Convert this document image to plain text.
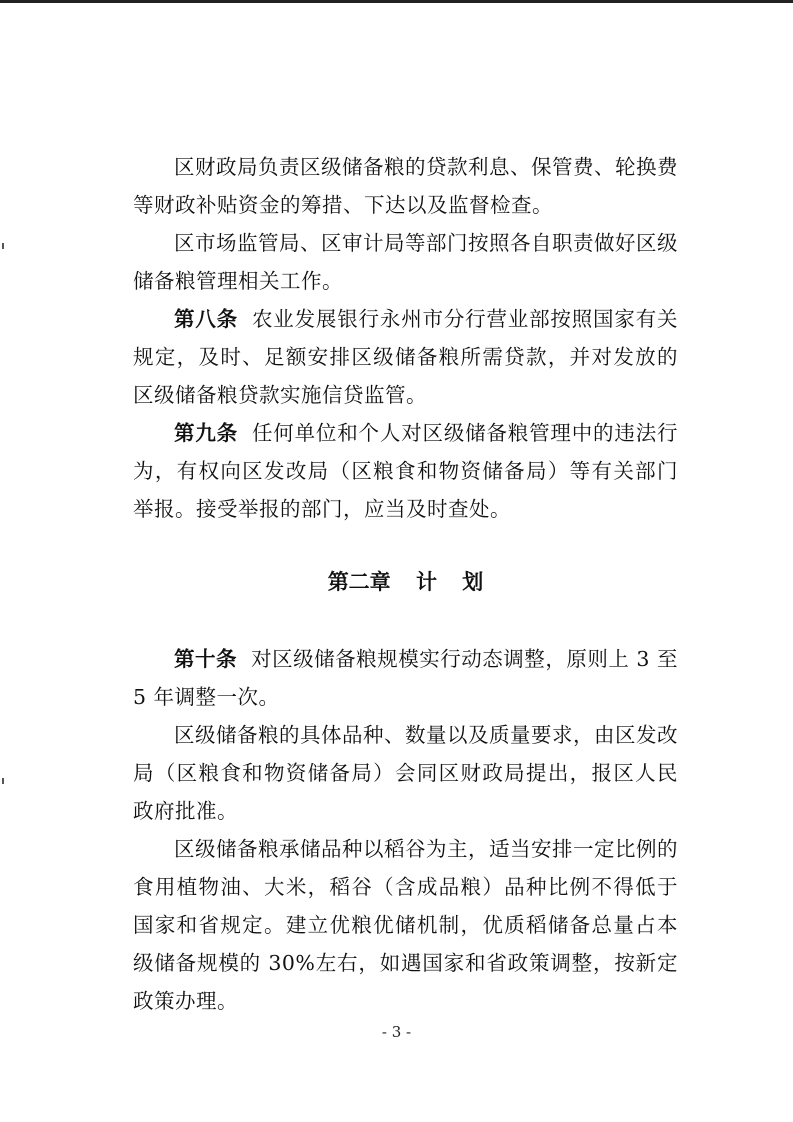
区财政局负责区级储备粮的贷款利息、保管费、轮换费等财政补贴资金的筹措、下达以及监督检查。

区市场监管局、区审计局等部门按照各自职责做好区级储备粮管理相关工作。

第八条 农业发展银行永州市分行营业部按照国家有关规定，及时、足额安排区级储备粮所需贷款，并对发放的区级储备粮贷款实施信贷监管。

第九条 任何单位和个人对区级储备粮管理中的违法行为，有权向区发改局（区粮食和物资储备局）等有关部门举报。接受举报的部门，应当及时查处。

第二章 计 划

第十条 对区级储备粮规模实行动态调整，原则上 3 至 5 年调整一次。

区级储备粮的具体品种、数量以及质量要求，由区发改局（区粮食和物资储备局）会同区财政局提出，报区人民政府批准。

区级储备粮承储品种以稻谷为主，适当安排一定比例的食用植物油、大米，稻谷（含成品粮）品种比例不得低于国家和省规定。建立优粮优储机制，优质稻储备总量占本级储备规模的 30%左右，如遇国家和省政策调整，按新定政策办理。

- 3 -
